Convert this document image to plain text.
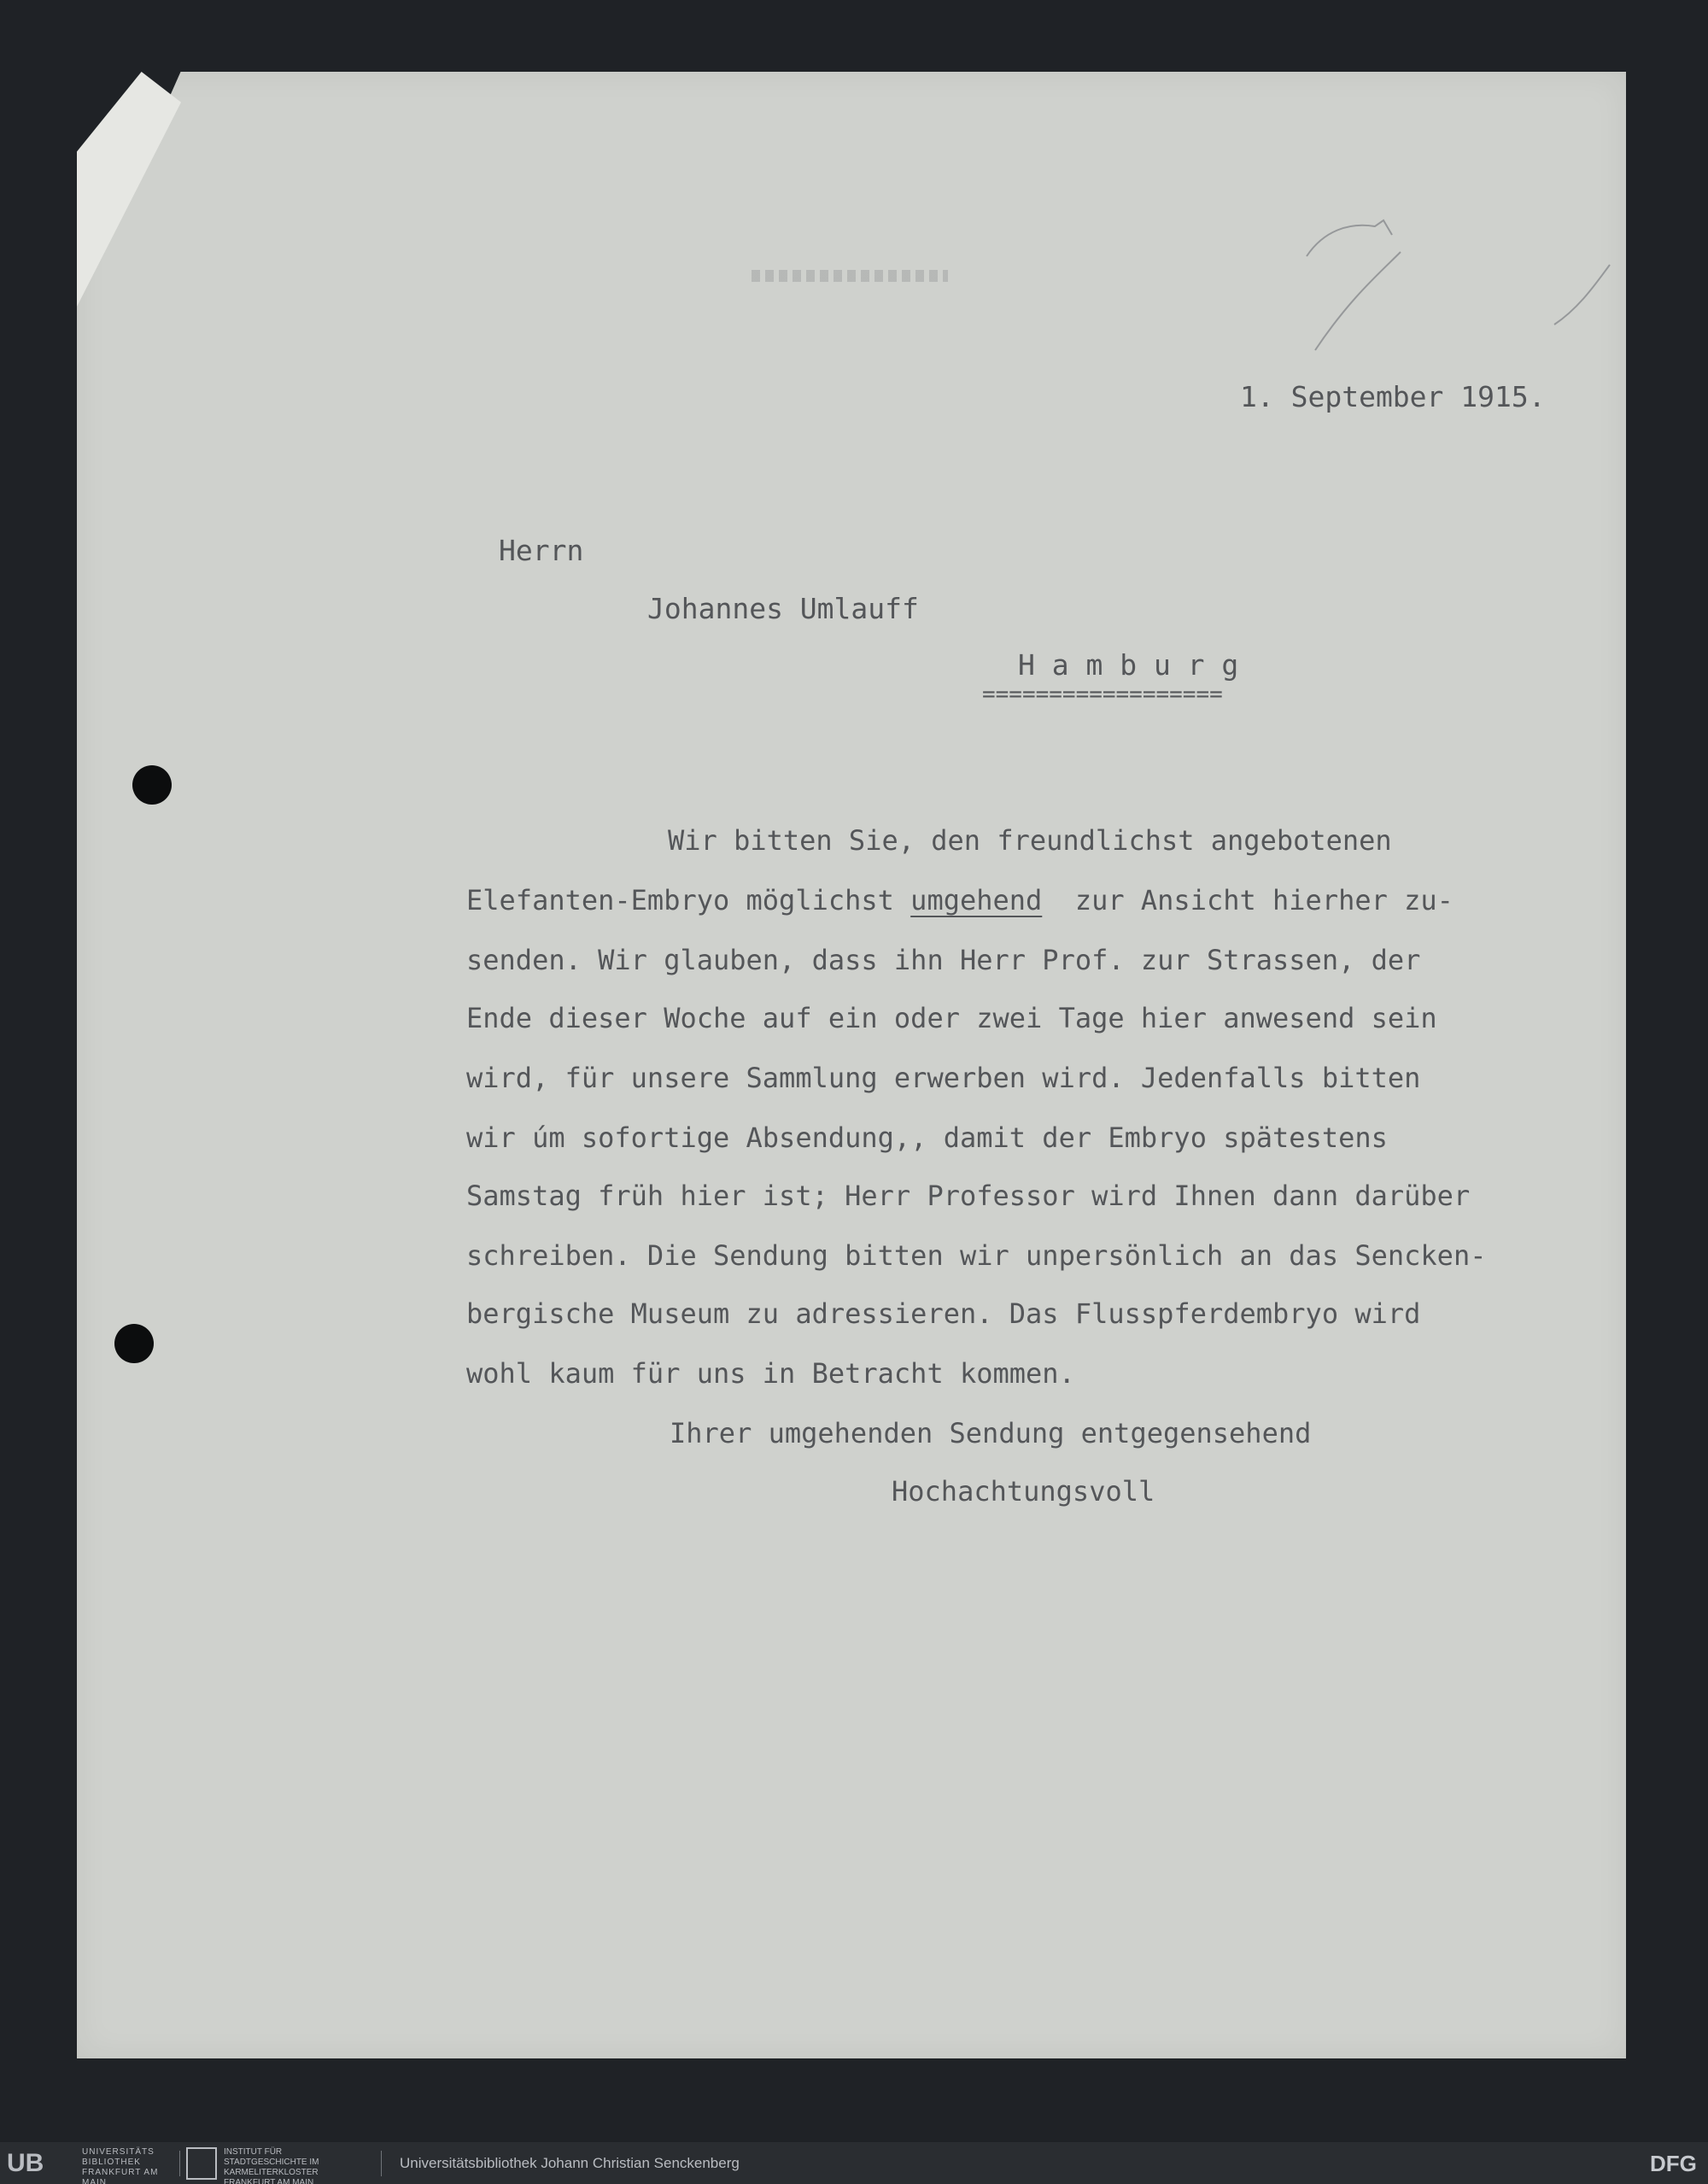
1. September 1915.

Herrn

Johannes Umlauff

H a m b u r g

==================

Wir bitten Sie, den freundlichst angebotenen
Elefanten-Embryo möglichst umgehend  zur Ansicht hierher zu-
senden. Wir glauben, dass ihn Herr Prof. zur Strassen, der
Ende dieser Woche auf ein oder zwei Tage hier anwesend sein
wird, für unsere Sammlung erwerben wird. Jedenfalls bitten
wir úm sofortige Absendung,, damit der Embryo spätestens
Samstag früh hier ist; Herr Professor wird Ihnen dann darüber
schreiben. Die Sendung bitten wir unpersönlich an das Sencken-
bergische Museum zu adressieren. Das Flusspferdembryo wird
wohl kaum für uns in Betracht kommen.

Ihrer umgehenden Sendung entgegensehend

Hochachtungsvoll

UB	UNIVERSITÄTS BIBLIOTHEK FRANKFURT AM MAIN
INSTITUT FÜR STADTGESCHICHTE IM KARMELITERKLOSTER FRANKFURT AM MAIN
Universitätsbibliothek Johann Christian Senckenberg	DFG
